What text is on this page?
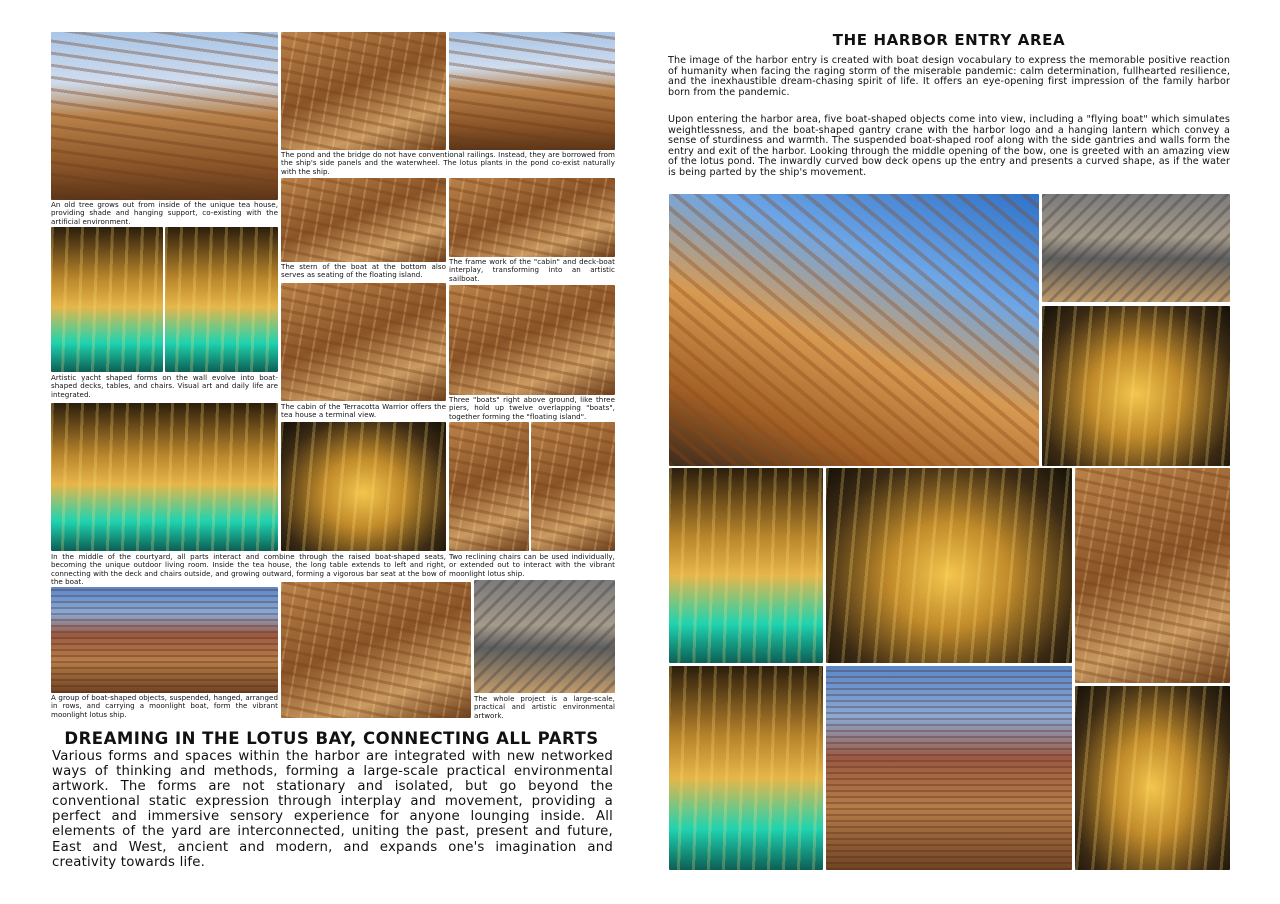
The pond and the bridge do not have conventional railings. Instead, they are borrowed from the ship's side panels and the waterwheel. The lotus plants in the pond co-exist naturally with the ship.
An old tree grows out from inside of the unique tea house, providing shade and hanging support, co-existing with the artificial environment.
The stern of the boat at the bottom also serves as seating of the floating island.
The frame work of the "cabin" and deck-boat interplay, transforming into an artistic sailboat.
Artistic yacht shaped forms on the wall evolve into boat-shaped decks, tables, and chairs. Visual art and daily life are integrated.
The cabin of the Terracotta Warrior offers the tea house a terminal view.
Three "boats" right above ground, like three piers, hold up twelve overlapping "boats", together forming the "floating island".
In the middle of the courtyard, all parts interact and combine through the raised boat-shaped seats, becoming the unique outdoor living room. Inside the tea house, the long table extends to left and right, connecting with the deck and chairs outside, and growing outward, forming a vigorous bar seat at the bow of the boat.
Two reclining chairs can be used individually, or extended out to interact with the vibrant moonlight lotus ship.
A group of boat-shaped objects, suspended, hanged, arranged in rows, and carrying a moonlight boat, form the vibrant moonlight lotus ship.
The whole project is a large-scale, practical and artistic environmental artwork.
DREAMING IN THE LOTUS BAY, CONNECTING ALL PARTS

Various forms and spaces within the harbor are integrated with new networked ways of thinking and methods, forming a large-scale practical environmental artwork. The forms are not stationary and isolated, but go beyond the conventional static expression through interplay and movement, providing a perfect and immersive sensory experience for anyone lounging inside. All elements of the yard are interconnected, uniting the past, present and future, East and West, ancient and modern, and expands one's imagination and creativity towards life.

THE HARBOR ENTRY AREA

The image of the harbor entry is created with boat design vocabulary to express the memorable positive reaction of humanity when facing the raging storm of the miserable pandemic: calm determination, fullhearted resilience, and the inexhaustible dream-chasing spirit of life. It offers an eye-opening first impression of the family harbor born from the pandemic.

Upon entering the harbor area, five boat-shaped objects come into view, including a "flying boat" which simulates weightlessness, and the boat-shaped gantry crane with the harbor logo and a hanging lantern which convey a sense of sturdiness and warmth. The suspended boat-shaped roof along with the side gantries and walls form the entry and exit of the harbor. Looking through the middle opening of the bow, one is greeted with an amazing view of the lotus pond. The inwardly curved bow deck opens up the entry and presents a curved shape, as if the water is being parted by the ship's movement.
